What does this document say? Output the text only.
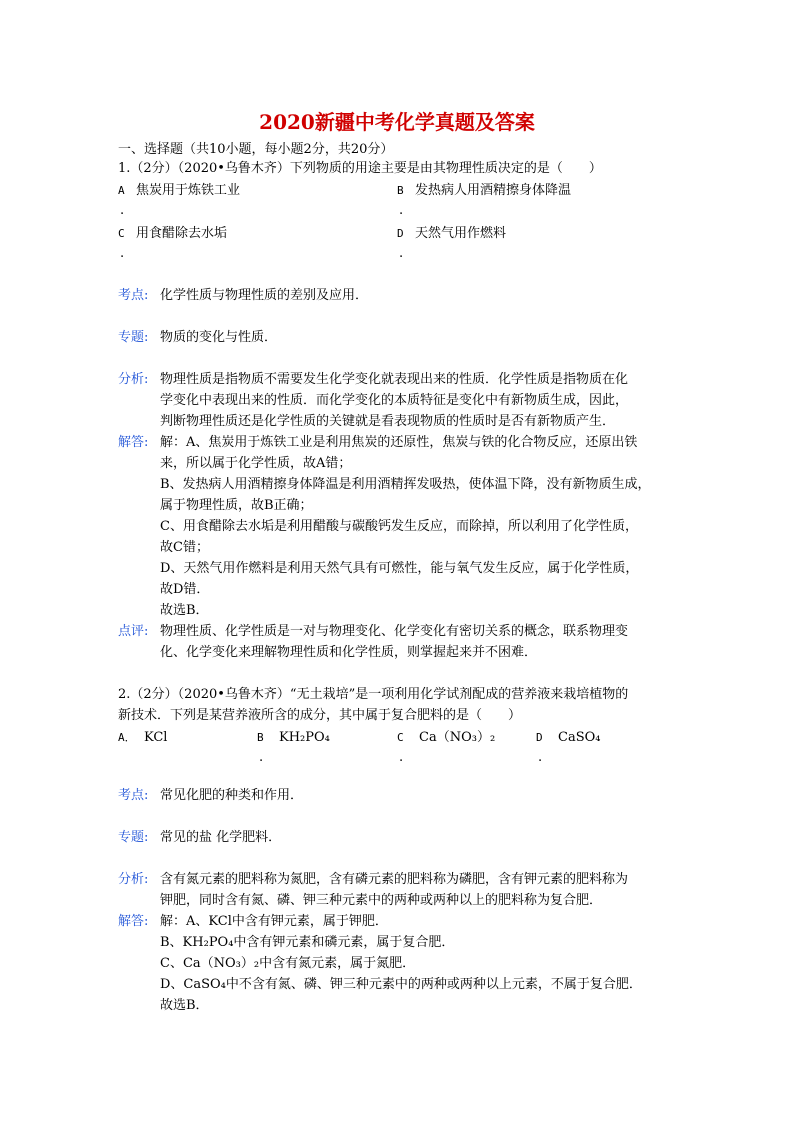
2020新疆中考化学真题及答案
一、选择题（共10小题，每小题2分，共20分）
1.（2分）（2020•乌鲁木齐）下列物质的用途主要是由其物理性质决定的是（　　）
A 焦炭用于炼铁工业
.
B 发热病人用酒精擦身体降温
.
C 用食醋除去水垢
.
D 天然气用作燃料
.
考点: 化学性质与物理性质的差别及应用．
专题: 物质的变化与性质．
分析: 物理性质是指物质不需要发生化学变化就表现出来的性质．化学性质是指物质在化
学变化中表现出来的性质．而化学变化的本质特征是变化中有新物质生成，因此，
判断物理性质还是化学性质的关键就是看表现物质的性质时是否有新物质产生．
解答: 解：A、焦炭用于炼铁工业是利用焦炭的还原性，焦炭与铁的化合物反应，还原出铁
来，所以属于化学性质，故A错；
B、发热病人用酒精擦身体降温是利用酒精挥发吸热，使体温下降，没有新物质生成，
属于物理性质，故B正确；
C、用食醋除去水垢是利用醋酸与碳酸钙发生反应，而除掉，所以利用了化学性质，
故C错；
D、天然气用作燃料是利用天然气具有可燃性，能与氧气发生反应，属于化学性质，
故D错．
故选B．
点评: 物理性质、化学性质是一对与物理变化、化学变化有密切关系的概念，联系物理变
化、化学变化来理解物理性质和化学性质，则掌握起来并不困难．
2.（2分）（2020•乌鲁木齐）“无土栽培”是一项利用化学试剂配成的营养液来栽培植物的
新技术．下列是某营养液所含的成分，其中属于复合肥料的是（　　）
A． KCl	B KH₂PO₄
.
C Ca（NO₃）₂
.
D CaSO₄
.
考点: 常见化肥的种类和作用．
专题: 常见的盐 化学肥料．
分析: 含有氮元素的肥料称为氮肥，含有磷元素的肥料称为磷肥，含有钾元素的肥料称为
钾肥，同时含有氮、磷、钾三种元素中的两种或两种以上的肥料称为复合肥．
解答: 解：A、KCl中含有钾元素，属于钾肥．
B、KH₂PO₄中含有钾元素和磷元素，属于复合肥．
C、Ca（NO₃）₂中含有氮元素，属于氮肥．
D、CaSO₄中不含有氮、磷、钾三种元素中的两种或两种以上元素，不属于复合肥．
故选B．
